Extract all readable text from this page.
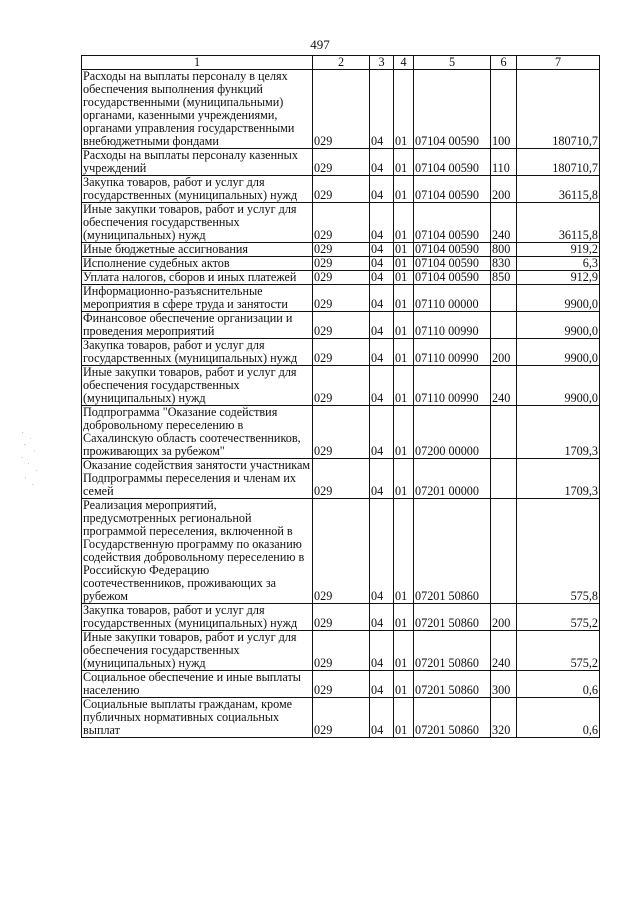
497
1	2	3	4	5	6	7
Расходы на выплаты персоналу в целях обеспечения выполнения функций государственными (муниципальными) органами, казенными учреждениями, органами управления государственными внебюджетными фондами	029	04	01	07104 00590	100	180710,7
Расходы на выплаты персоналу казенных учреждений	029	04	01	07104 00590	110	180710,7
Закупка товаров, работ и услуг для государственных (муниципальных) нужд	029	04	01	07104 00590	200	36115,8
Иные закупки товаров, работ и услуг для обеспечения государственных (муниципальных) нужд	029	04	01	07104 00590	240	36115,8
Иные бюджетные ассигнования	029	04	01	07104 00590	800	919,2
Исполнение судебных актов	029	04	01	07104 00590	830	6,3
Уплата налогов, сборов и иных платежей	029	04	01	07104 00590	850	912,9
Информационно-разъяснительные мероприятия в сфере труда и занятости	029	04	01	07110 00000		9900,0
Финансовое обеспечение организации и проведения мероприятий	029	04	01	07110 00990		9900,0
Закупка товаров, работ и услуг для государственных (муниципальных) нужд	029	04	01	07110 00990	200	9900,0
Иные закупки товаров, работ и услуг для обеспечения государственных (муниципальных) нужд	029	04	01	07110 00990	240	9900,0
Подпрограмма "Оказание содействия добровольному переселению в Сахалинскую область соотечественников, проживающих за рубежом"	029	04	01	07200 00000		1709,3
Оказание содействия занятости участникам Подпрограммы переселения и членам их семей	029	04	01	07201 00000		1709,3
Реализация мероприятий, предусмотренных региональной программой переселения, включенной в Государственную программу по оказанию содействия добровольному переселению в Российскую Федерацию соотечественников, проживающих за рубежом	029	04	01	07201 50860		575,8
Закупка товаров, работ и услуг для государственных (муниципальных) нужд	029	04	01	07201 50860	200	575,2
Иные закупки товаров, работ и услуг для обеспечения государственных (муниципальных) нужд	029	04	01	07201 50860	240	575,2
Социальное обеспечение и иные выплаты населению	029	04	01	07201 50860	300	0,6
Социальные выплаты гражданам, кроме публичных нормативных социальных выплат	029	04	01	07201 50860	320	0,6
